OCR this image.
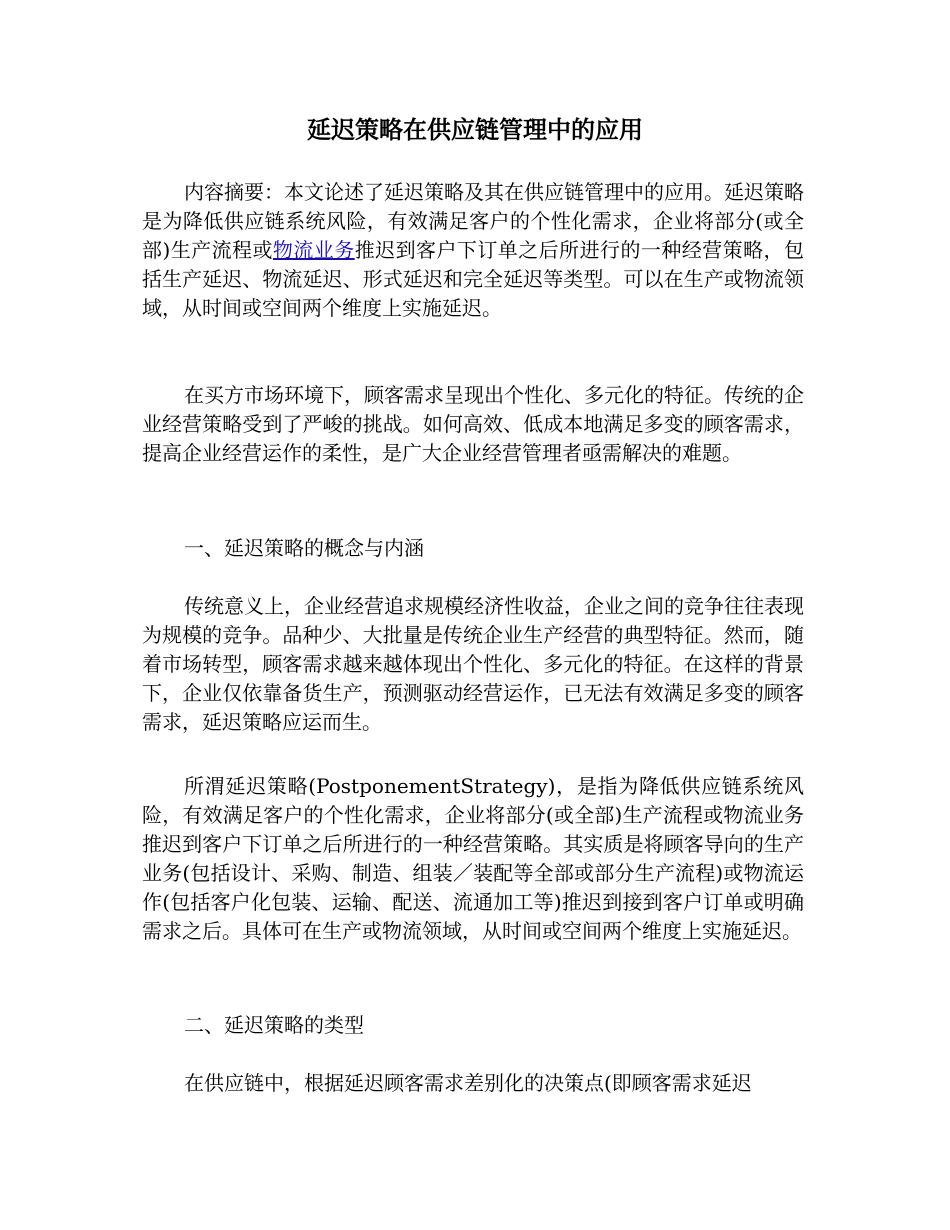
延迟策略在供应链管理中的应用

内容摘要：本文论述了延迟策略及其在供应链管理中的应用。延迟策略是为降低供应链系统风险，有效满足客户的个性化需求，企业将部分(或全部)生产流程或物流业务推迟到客户下订单之后所进行的一种经营策略，包括生产延迟、物流延迟、形式延迟和完全延迟等类型。可以在生产或物流领域，从时间或空间两个维度上实施延迟。

在买方市场环境下，顾客需求呈现出个性化、多元化的特征。传统的企业经营策略受到了严峻的挑战。如何高效、低成本地满足多变的顾客需求，提高企业经营运作的柔性，是广大企业经营管理者亟需解决的难题。

一、延迟策略的概念与内涵

传统意义上，企业经营追求规模经济性收益，企业之间的竞争往往表现为规模的竞争。品种少、大批量是传统企业生产经营的典型特征。然而，随着市场转型，顾客需求越来越体现出个性化、多元化的特征。在这样的背景下，企业仅依靠备货生产，预测驱动经营运作，已无法有效满足多变的顾客需求，延迟策略应运而生。

所渭延迟策略(PostponementStrategy)，是指为降低供应链系统风险，有效满足客户的个性化需求，企业将部分(或全部)生产流程或物流业务推迟到客户下订单之后所进行的一种经营策略。其实质是将顾客导向的生产业务(包括设计、采购、制造、组装／装配等全部或部分生产流程)或物流运作(包括客户化包装、运输、配送、流通加工等)推迟到接到客户订单或明确需求之后。具体可在生产或物流领域，从时间或空间两个维度上实施延迟。

二、延迟策略的类型

在供应链中，根据延迟顾客需求差别化的决策点(即顾客需求延迟
